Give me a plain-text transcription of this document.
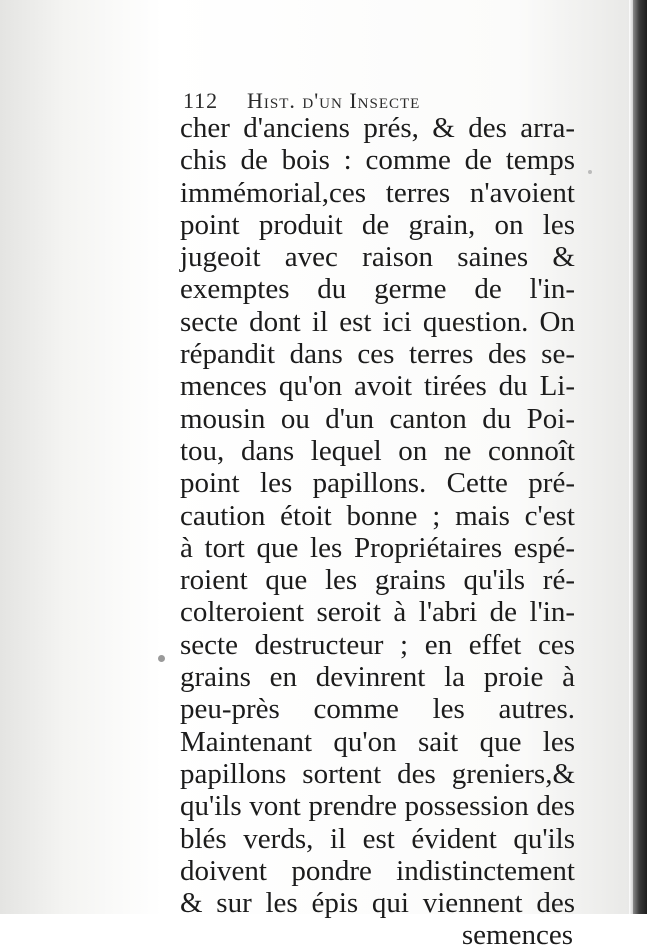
112 Hist. d'un Insecte
cher d'anciens prés, & des arra-
chis de bois : comme de temps
immémorial,ces terres n'avoient
point produit de grain, on les
jugeoit avec raison saines &
exemptes du germe de l'in-
secte dont il est ici question. On
répandit dans ces terres des se-
mences qu'on avoit tirées du Li-
mousin ou d'un canton du Poi-
tou, dans lequel on ne connoît
point les papillons. Cette pré-
caution étoit bonne ; mais c'est
à tort que les Propriétaires espé-
roient que les grains qu'ils ré-
colteroient seroit à l'abri de l'in-
secte destructeur ; en effet ces
grains en devinrent la proie à
peu-près comme les autres.
Maintenant qu'on sait que les
papillons sortent des greniers,&
qu'ils vont prendre possession des
blés verds, il est évident qu'ils
doivent pondre indistinctement
& sur les épis qui viennent des
semences
